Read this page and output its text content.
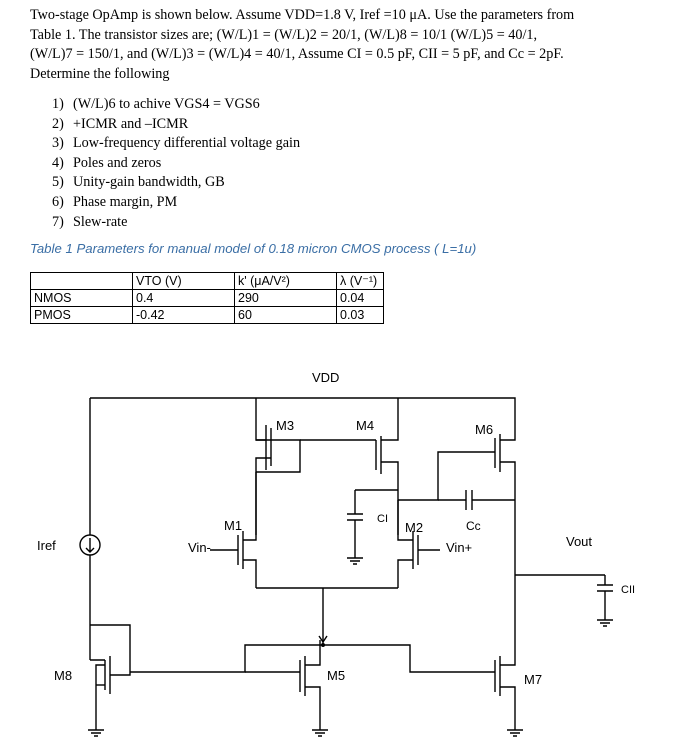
Two-stage OpAmp is shown below. Assume VDD=1.8 V, Iref =10 μA. Use the parameters from
Table 1. The transistor sizes are; (W/L)1 = (W/L)2 = 20/1, (W/L)8 = 10/1 (W/L)5 = 40/1,
(W/L)7 = 150/1, and (W/L)3 = (W/L)4 = 40/1, Assume CI = 0.5 pF, CII = 5 pF, and Cc = 2pF.
Determine the following
1) (W/L)6 to achive VGS4 = VGS6
2) +ICMR and –ICMR
3) Low-frequency differential voltage gain
4) Poles and zeros
5) Unity-gain bandwidth, GB
6) Phase margin, PM
7) Slew-rate
Table 1 Parameters for manual model of 0.18 micron CMOS process ( L=1u)
	VTO (V)	k' (μA/V²)	λ (V⁻¹)
NMOS	0.4	290	0.04
PMOS	-0.42	60	0.03
VDD
M3	M4	M6
CI
M1	M2	Cc
Iref	Vin-	Vin+	Vout
CII
M8	M5	M7
